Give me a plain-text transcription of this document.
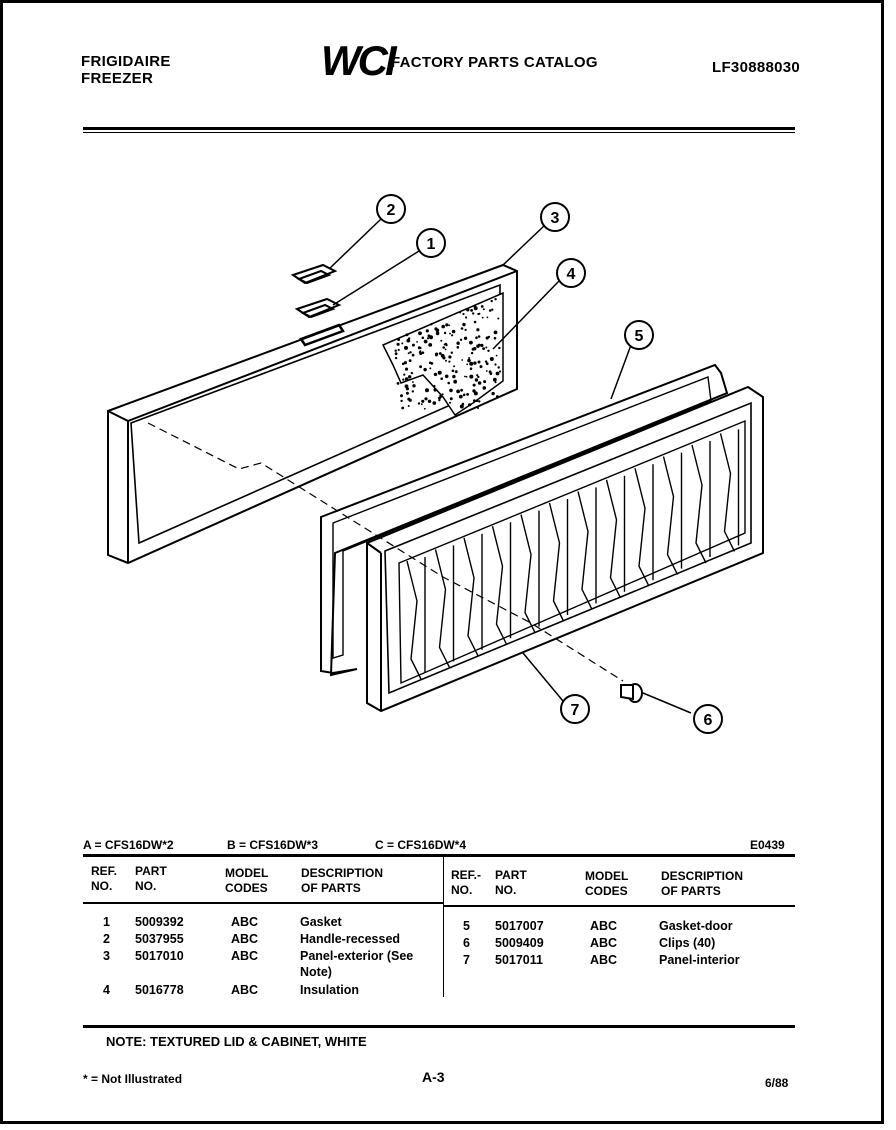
FRIGIDAIRE
FREEZER	WCI
FACTORY PARTS CATALOG	LF30888030
1
2	3
4
5
6
7
A = CFS16DW*2	B = CFS16DW*3	C = CFS16DW*4	E0439
REF.
NO.
PART
NO.
MODEL
CODES
DESCRIPTION
OF PARTS
REF.-
NO.
PART
NO.
MODEL
CODES
DESCRIPTION
OF PARTS
1 5009392	ABC	Gasket
2 5037955	ABC	Handle-recessed
3 5017010	ABC	Panel-exterior (See
Note)
4 5016778	ABC	Insulation
5 5017007	ABC	Gasket-door
6 5009409	ABC	Clips (40)
7 5017011	ABC	Panel-interior
NOTE: TEXTURED LID & CABINET, WHITE
* = Not Illustrated	A-3	6/88
